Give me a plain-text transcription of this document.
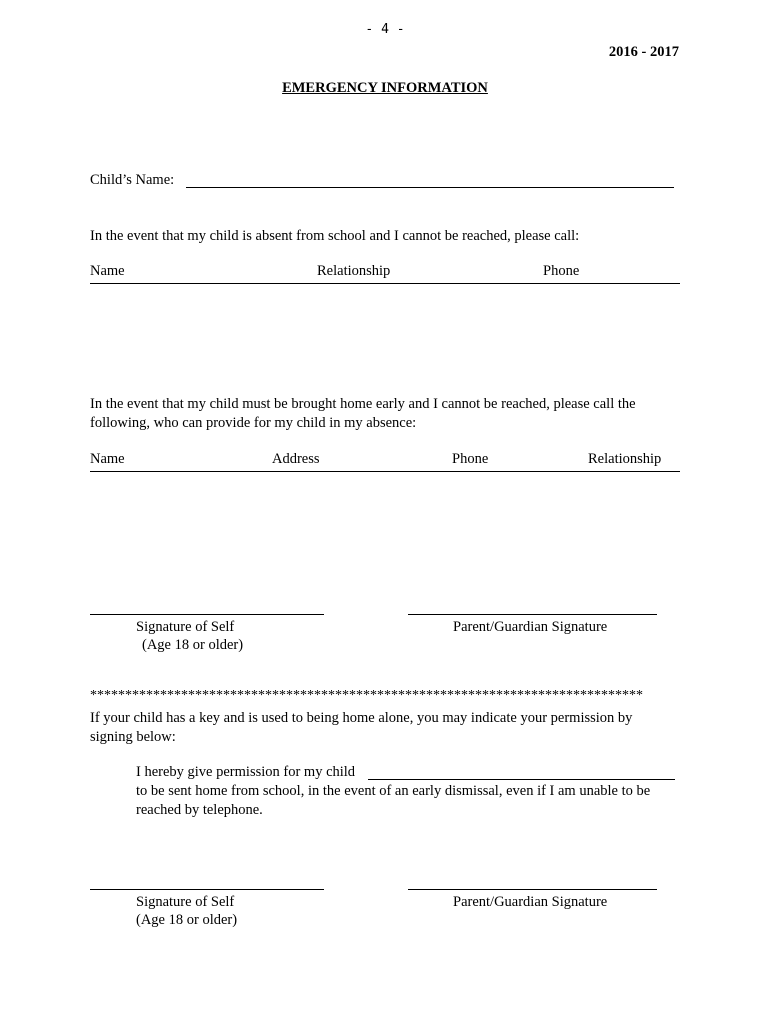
- 4 -
2016 - 2017
EMERGENCY INFORMATION
Child’s Name:
In the event that my child is absent from school and I cannot be reached, please call:
Name	Relationship	Phone
In the event that my child must be brought home early and I cannot be reached, please call the
following, who can provide for my child in my absence:
Name	Address	Phone	Relationship
Signature of Self
(Age 18 or older)
Parent/Guardian Signature
*******************************************************************************
If your child has a key and is used to being home alone, you may indicate your permission by
signing below:
I hereby give permission for my child
to be sent home from school, in the event of an early dismissal, even if I am unable to be
reached by telephone.
Signature of Self
(Age 18 or older)
Parent/Guardian Signature
